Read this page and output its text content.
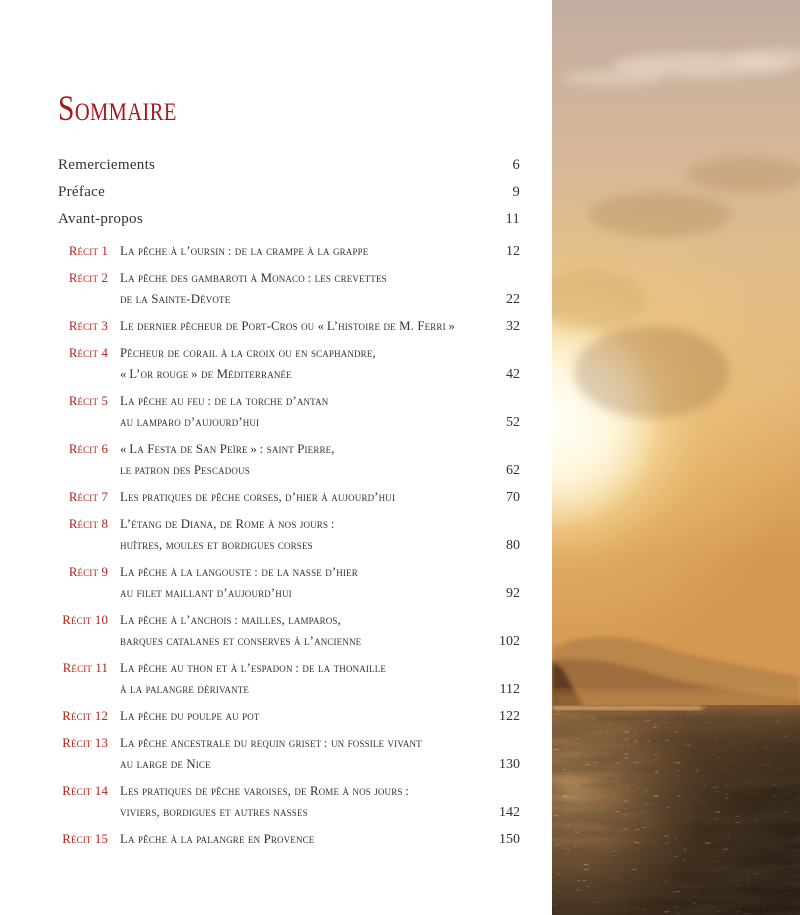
Sommaire
Remerciements	6
Préface	9
Avant-propos	11
Récit 1 La pêche à l’oursin : de la crampe à la grappe	12
Récit 2 La pêche des gambaroti à Monaco : les crevettes
de la Sainte-Dévote	22
Récit 3 Le dernier pêcheur de Port-Cros ou « L’histoire de M. Ferri »	32
Récit 4 Pêcheur de corail à la croix ou en scaphandre,
« L’or rouge » de Méditerranée	42
Récit 5 La pêche au feu : de la torche d’antan
au lamparo d’aujourd’hui	52
Récit 6 « La Festa de San Peïre » : saint Pierre,
le patron des Pescadous	62
Récit 7 Les pratiques de pêche corses, d’hier à aujourd’hui	70
Récit 8 L’étang de Diana, de Rome à nos jours :
huîtres, moules et bordigues corses	80
Récit 9 La pêche à la langouste : de la nasse d’hier
au filet maillant d’aujourd’hui	92
Récit 10 La pêche à l’anchois : mailles, lamparos,
barques catalanes et conserves à l’ancienne	102
Récit 11 La pêche au thon et à l’espadon : de la thonaille
à la palangre dérivante	112
Récit 12 La pêche du poulpe au pot	122
Récit 13 La pêche ancestrale du requin griset : un fossile vivant
au large de Nice	130
Récit 14 Les pratiques de pêche varoises, de Rome à nos jours :
viviers, bordigues et autres nasses	142
Récit 15 La pêche à la palangre en Provence	150
